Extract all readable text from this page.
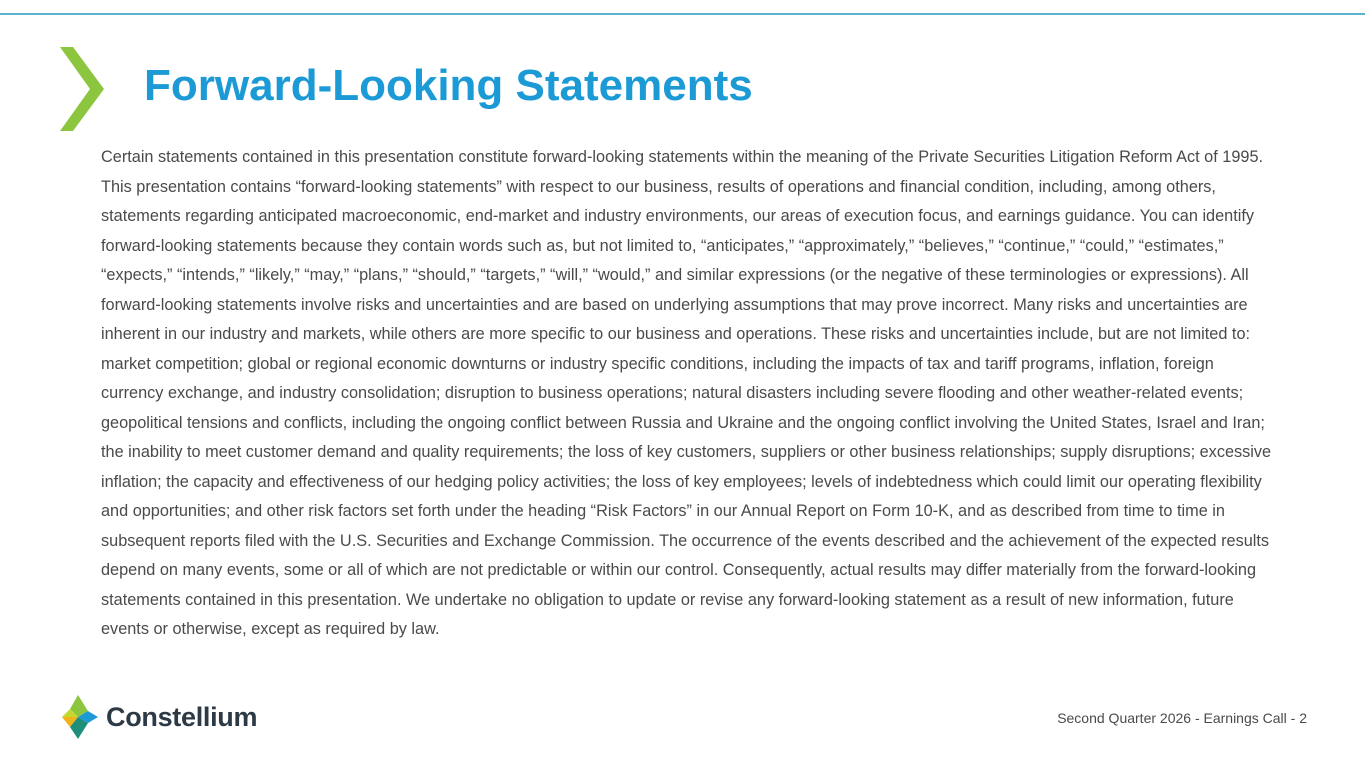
Forward-Looking Statements

Certain statements contained in this presentation constitute forward-looking statements within the meaning of the Private Securities Litigation Reform Act of 1995. This presentation contains “forward-looking statements” with respect to our business, results of operations and financial condition, including, among others, statements regarding anticipated macroeconomic, end-market and industry environments, our areas of execution focus, and earnings guidance. You can identify forward-looking statements because they contain words such as, but not limited to, “anticipates,” “approximately,” “believes,” “continue,” “could,” “estimates,” “expects,” “intends,” “likely,” “may,” “plans,” “should,” “targets,” “will,” “would,” and similar expressions (or the negative of these terminologies or expressions). All forward-looking statements involve risks and uncertainties and are based on underlying assumptions that may prove incorrect. Many risks and uncertainties are inherent in our industry and markets, while others are more specific to our business and operations. These risks and uncertainties include, but are not limited to: market competition; global or regional economic downturns or industry specific conditions, including the impacts of tax and tariff programs, inflation, foreign currency exchange, and industry consolidation; disruption to business operations; natural disasters including severe flooding and other weather-related events; geopolitical tensions and conflicts, including the ongoing conflict between Russia and Ukraine and the ongoing conflict involving the United States, Israel and Iran; the inability to meet customer demand and quality requirements; the loss of key customers, suppliers or other business relationships; supply disruptions; excessive inflation; the capacity and effectiveness of our hedging policy activities; the loss of key employees; levels of indebtedness which could limit our operating flexibility and opportunities; and other risk factors set forth under the heading “Risk Factors” in our Annual Report on Form 10-K, and as described from time to time in subsequent reports filed with the U.S. Securities and Exchange Commission. The occurrence of the events described and the achievement of the expected results depend on many events, some or all of which are not predictable or within our control. Consequently, actual results may differ materially from the forward-looking statements contained in this presentation. We undertake no obligation to update or revise any forward-looking statement as a result of new information, future events or otherwise, except as required by law.

Constellium	Second Quarter 2026 - Earnings Call - 2
